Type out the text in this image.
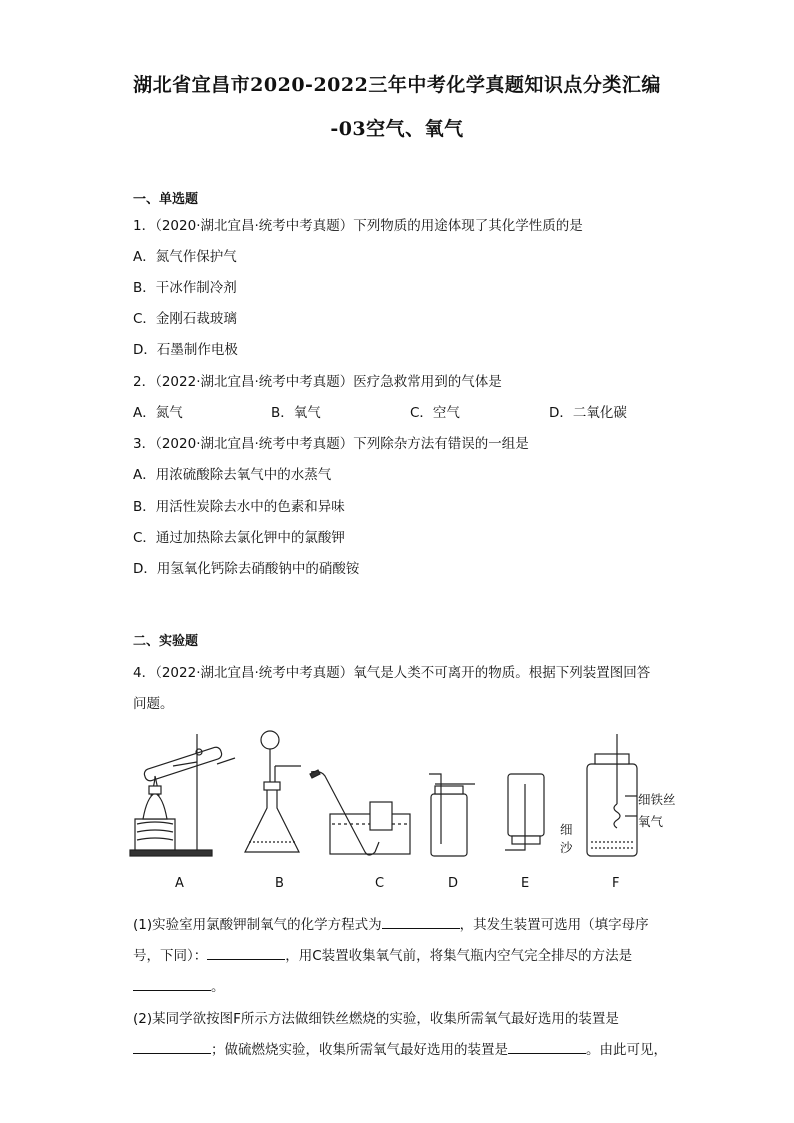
湖北省宜昌市2020-2022三年中考化学真题知识点分类汇编
-03空气、氧气
一、单选题
1．（2020·湖北宜昌·统考中考真题）下列物质的用途体现了其化学性质的是
A．氮气作保护气
B．干冰作制冷剂
C．金刚石裁玻璃
D．石墨制作电极
2．（2022·湖北宜昌·统考中考真题）医疗急救常用到的气体是
A．氮气	B．氧气	C．空气	D．二氧化碳
3．（2020·湖北宜昌·统考中考真题）下列除杂方法有错误的一组是
A．用浓硫酸除去氧气中的水蒸气
B．用活性炭除去水中的色素和异味
C．通过加热除去氯化钾中的氯酸钾
D．用氢氧化钙除去硝酸钠中的硝酸铵
二、实验题
4．（2022·湖北宜昌·统考中考真题）氧气是人类不可离开的物质。根据下列装置图回答
问题。
细铁丝
氧气
细
沙
A	B	C	D	E	F
(1)实验室用氯酸钾制氧气的化学方程式为	，其发生装置可选用（填字母序
号，下同）：	，用C装置收集氧气前，将集气瓶内空气完全排尽的方法是
。
(2)某同学欲按图F所示方法做细铁丝燃烧的实验，收集所需氧气最好选用的装置是
；做硫燃烧实验，收集所需氧气最好选用的装置是	。由此可见，
